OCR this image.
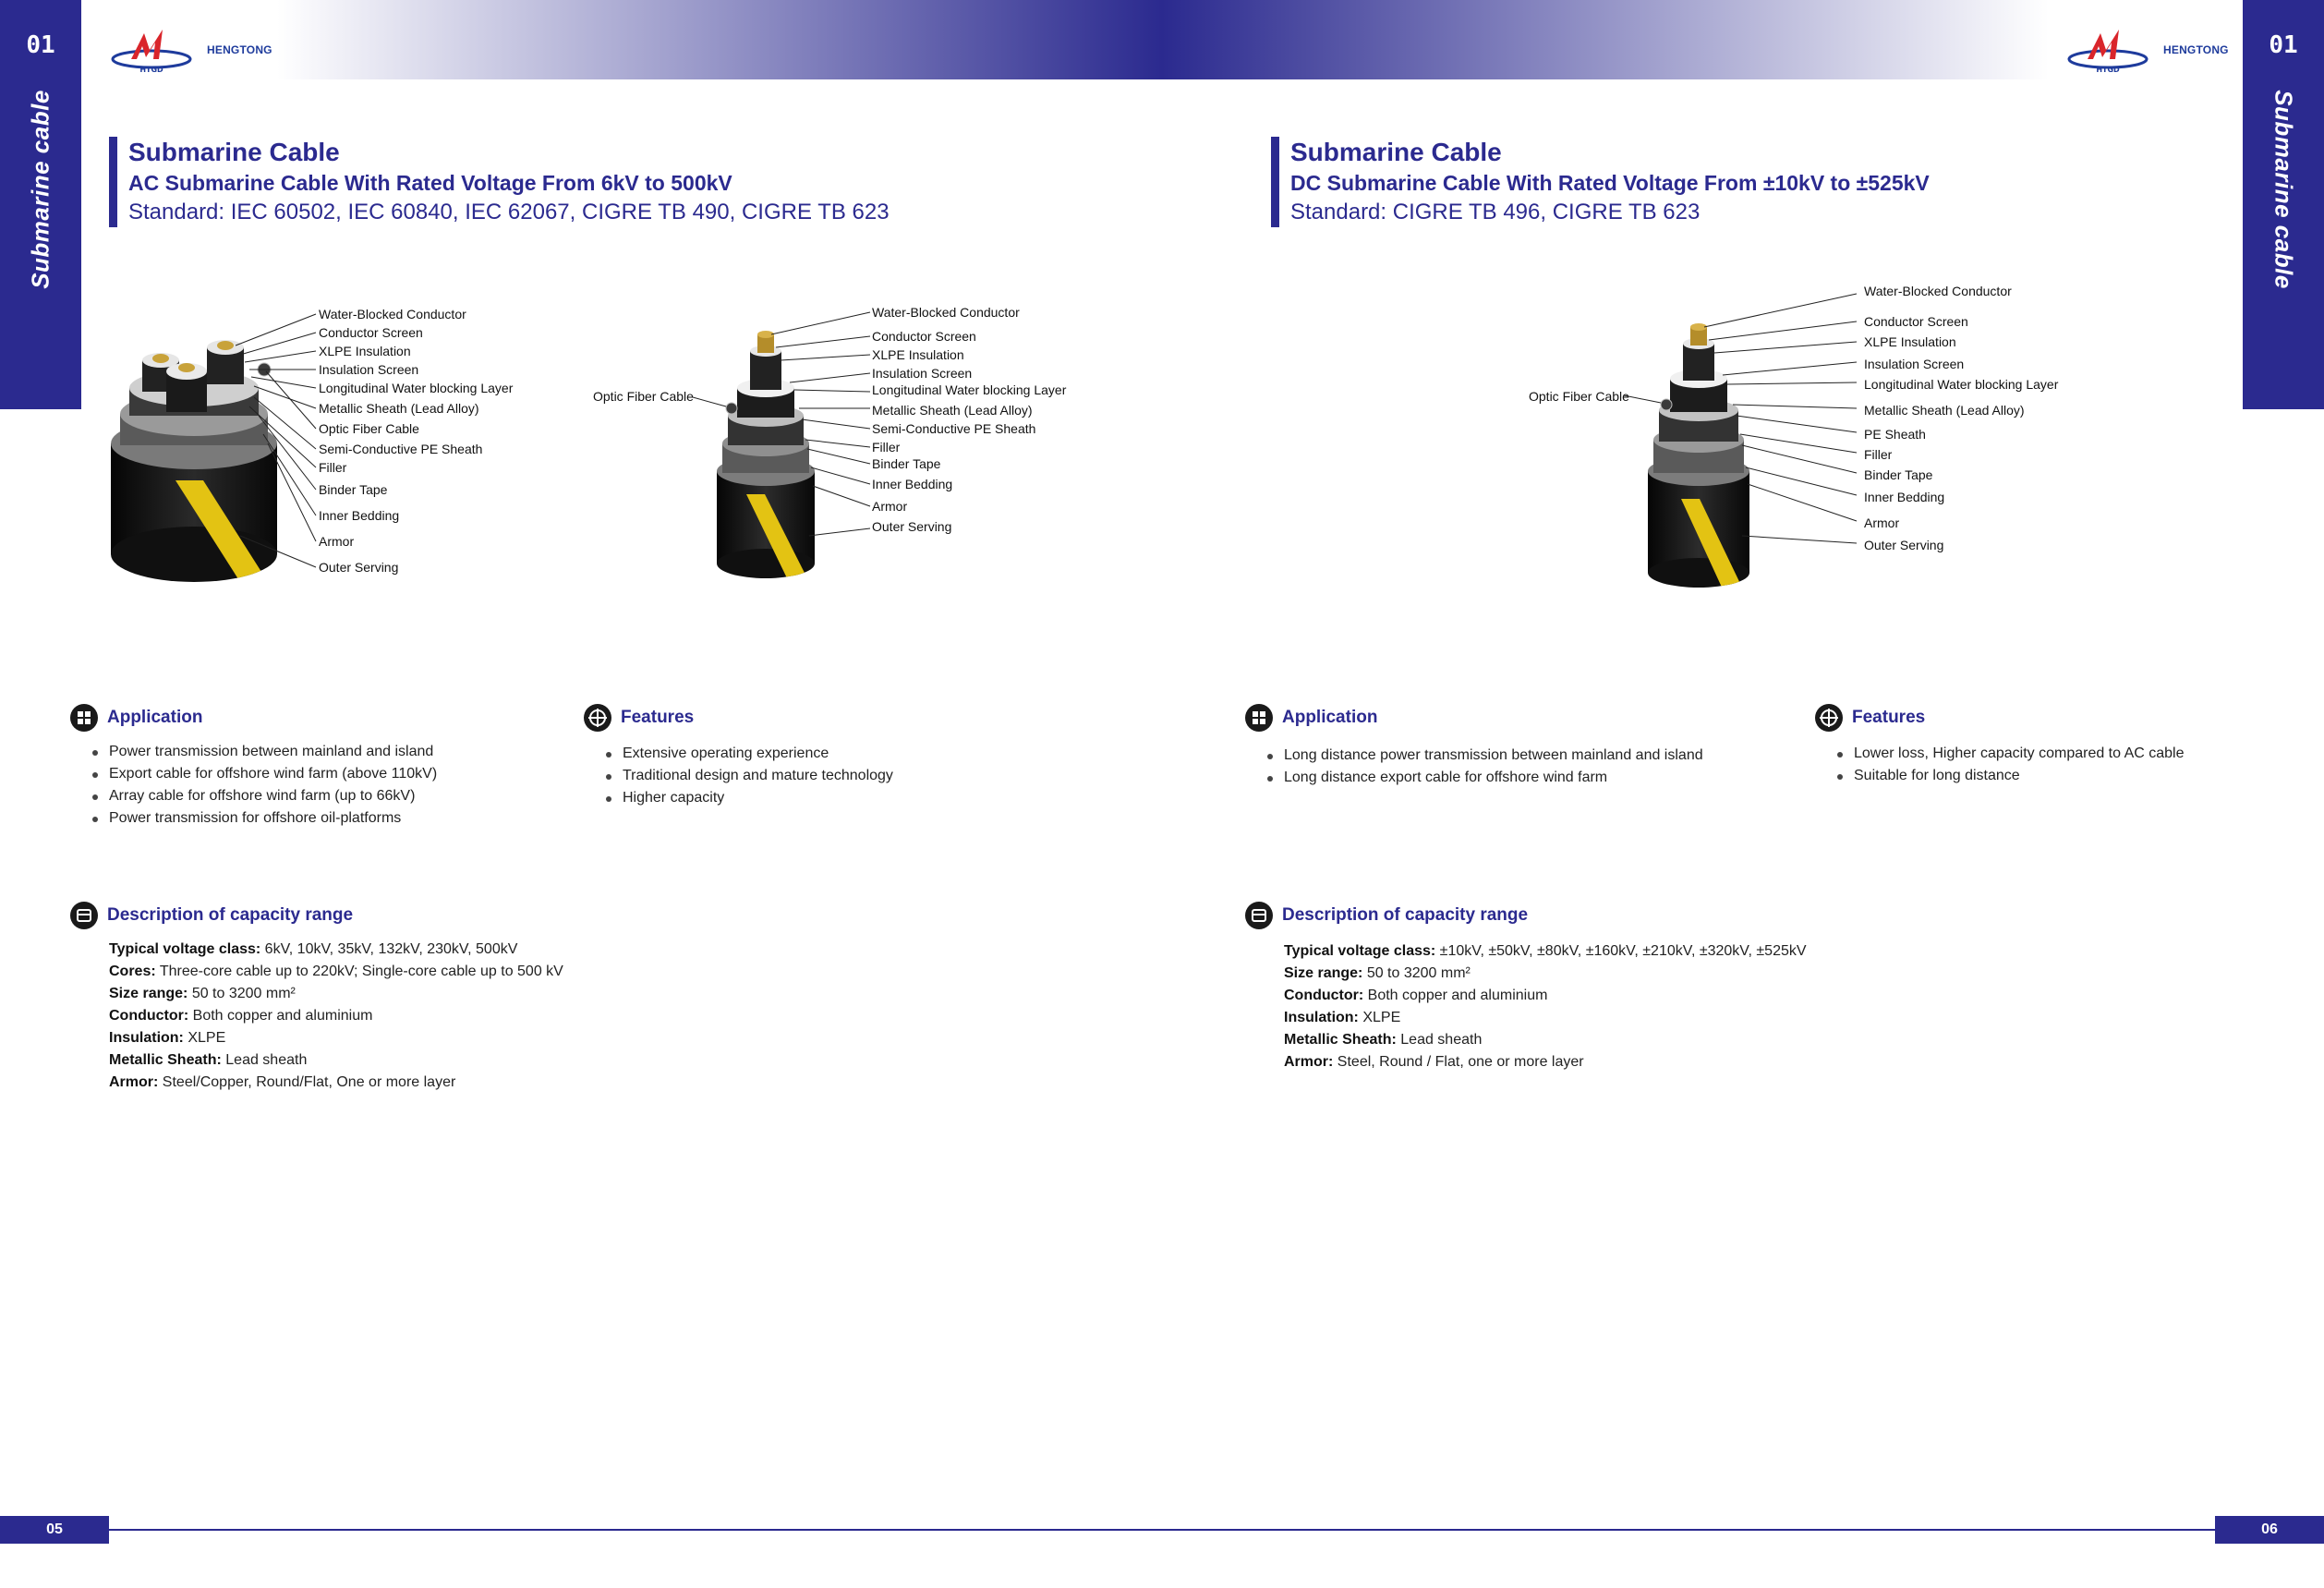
HTGD
HENGTONG
HTGD
HENGTONG
01
Submarine cable
01
Submarine cable
Submarine Cable
AC Submarine Cable With Rated Voltage From 6kV to 500kV
Standard: IEC 60502, IEC 60840, IEC 62067, CIGRE TB 490, CIGRE TB 623
Water-Blocked Conductor
Conductor Screen
XLPE Insulation
Insulation Screen
Longitudinal Water blocking Layer
Metallic Sheath (Lead Alloy)
Optic Fiber Cable
Semi-Conductive PE Sheath
Filler
Binder Tape
Inner Bedding
Armor
Outer Serving
Optic Fiber Cable
Water-Blocked Conductor
Conductor Screen
XLPE Insulation
Insulation Screen
Longitudinal Water blocking Layer
Metallic Sheath (Lead Alloy)
Semi-Conductive PE Sheath
Filler
Binder Tape
Inner Bedding
Armor
Outer Serving
Application
Power transmission between mainland and island
Export cable for offshore wind farm (above 110kV)
Array cable for offshore wind farm (up to 66kV)
Power transmission for offshore oil-platforms
Features
Extensive operating experience
Traditional design and mature technology
Higher capacity
Description of capacity range
Typical voltage class: 6kV, 10kV, 35kV, 132kV, 230kV, 500kV
Cores: Three-core cable up to 220kV; Single-core cable up to 500 kV
Size range: 50 to 3200 mm²
Conductor: Both copper and aluminium
Insulation: XLPE
Metallic Sheath: Lead sheath
Armor: Steel/Copper, Round/Flat, One or more layer
Submarine Cable
DC Submarine Cable With Rated Voltage From ±10kV to ±525kV
Standard: CIGRE TB 496, CIGRE TB 623
Optic Fiber Cable
Water-Blocked Conductor
Conductor Screen
XLPE Insulation
Insulation Screen
Longitudinal Water blocking Layer
Metallic Sheath (Lead Alloy)
PE Sheath
Filler
Binder Tape
Inner Bedding
Armor
Outer Serving
Application
Long distance power transmission between mainland and island
Long distance export cable for offshore wind farm
Features
Lower loss, Higher capacity compared to AC cable
Suitable for long distance
Description of capacity range
Typical voltage class: ±10kV, ±50kV, ±80kV, ±160kV, ±210kV, ±320kV, ±525kV
Size range: 50 to 3200 mm²
Conductor: Both copper and aluminium
Insulation: XLPE
Metallic Sheath: Lead sheath
Armor: Steel, Round / Flat, one or more layer
05	06
